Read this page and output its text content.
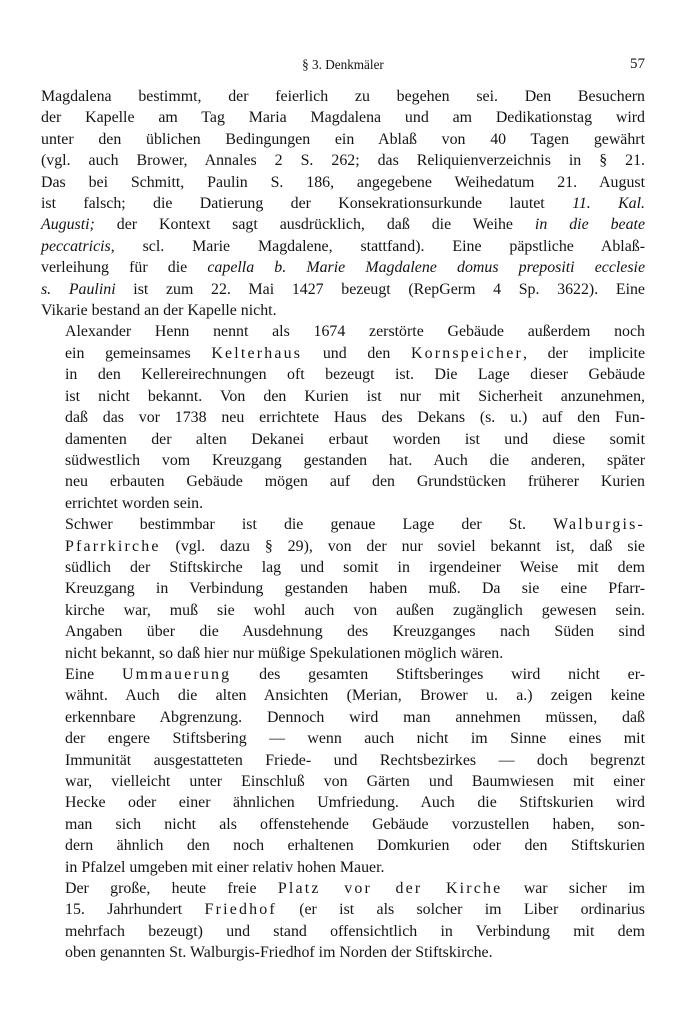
§ 3. Denkmäler	57

Magdalena bestimmt, der feierlich zu begehen sei. Den Besuchern
der Kapelle am Tag Maria Magdalena und am Dedikationstag wird
unter den üblichen Bedingungen ein Ablaß von 40 Tagen gewährt
(vgl. auch Brower, Annales 2 S. 262; das Reliquienverzeichnis in § 21.
Das bei Schmitt, Paulin S. 186, angegebene Weihedatum 21. August
ist falsch; die Datierung der Konsekrationsurkunde lautet 11. Kal.
Augusti; der Kontext sagt ausdrücklich, daß die Weihe in die beate
peccatricis, scl. Marie Magdalene, stattfand). Eine päpstliche Ablaß-
verleihung für die capella b. Marie Magdalene domus prepositi ecclesie
s. Paulini ist zum 22. Mai 1427 bezeugt (RepGerm 4 Sp. 3622). Eine
Vikarie bestand an der Kapelle nicht.

Alexander Henn nennt als 1674 zerstörte Gebäude außerdem noch
ein gemeinsames Kelterhaus und den Kornspeicher, der implicite
in den Kellereirechnungen oft bezeugt ist. Die Lage dieser Gebäude
ist nicht bekannt. Von den Kurien ist nur mit Sicherheit anzunehmen,
daß das vor 1738 neu errichtete Haus des Dekans (s. u.) auf den Fun-
damenten der alten Dekanei erbaut worden ist und diese somit
südwestlich vom Kreuzgang gestanden hat. Auch die anderen, später
neu erbauten Gebäude mögen auf den Grundstücken früherer Kurien
errichtet worden sein.

Schwer bestimmbar ist die genaue Lage der St. Walburgis-
Pfarrkirche (vgl. dazu § 29), von der nur soviel bekannt ist, daß sie
südlich der Stiftskirche lag und somit in irgendeiner Weise mit dem
Kreuzgang in Verbindung gestanden haben muß. Da sie eine Pfarr-
kirche war, muß sie wohl auch von außen zugänglich gewesen sein.
Angaben über die Ausdehnung des Kreuzganges nach Süden sind
nicht bekannt, so daß hier nur müßige Spekulationen möglich wären.

Eine Ummauerung des gesamten Stiftsberinges wird nicht er-
wähnt. Auch die alten Ansichten (Merian, Brower u. a.) zeigen keine
erkennbare Abgrenzung. Dennoch wird man annehmen müssen, daß
der engere Stiftsbering — wenn auch nicht im Sinne eines mit
Immunität ausgestatteten Friede- und Rechtsbezirkes — doch begrenzt
war, vielleicht unter Einschluß von Gärten und Baumwiesen mit einer
Hecke oder einer ähnlichen Umfriedung. Auch die Stiftskurien wird
man sich nicht als offenstehende Gebäude vorzustellen haben, son-
dern ähnlich den noch erhaltenen Domkurien oder den Stiftskurien
in Pfalzel umgeben mit einer relativ hohen Mauer.

Der große, heute freie Platz vor der Kirche war sicher im
15. Jahrhundert Friedhof (er ist als solcher im Liber ordinarius
mehrfach bezeugt) und stand offensichtlich in Verbindung mit dem
oben genannten St. Walburgis-Friedhof im Norden der Stiftskirche.
